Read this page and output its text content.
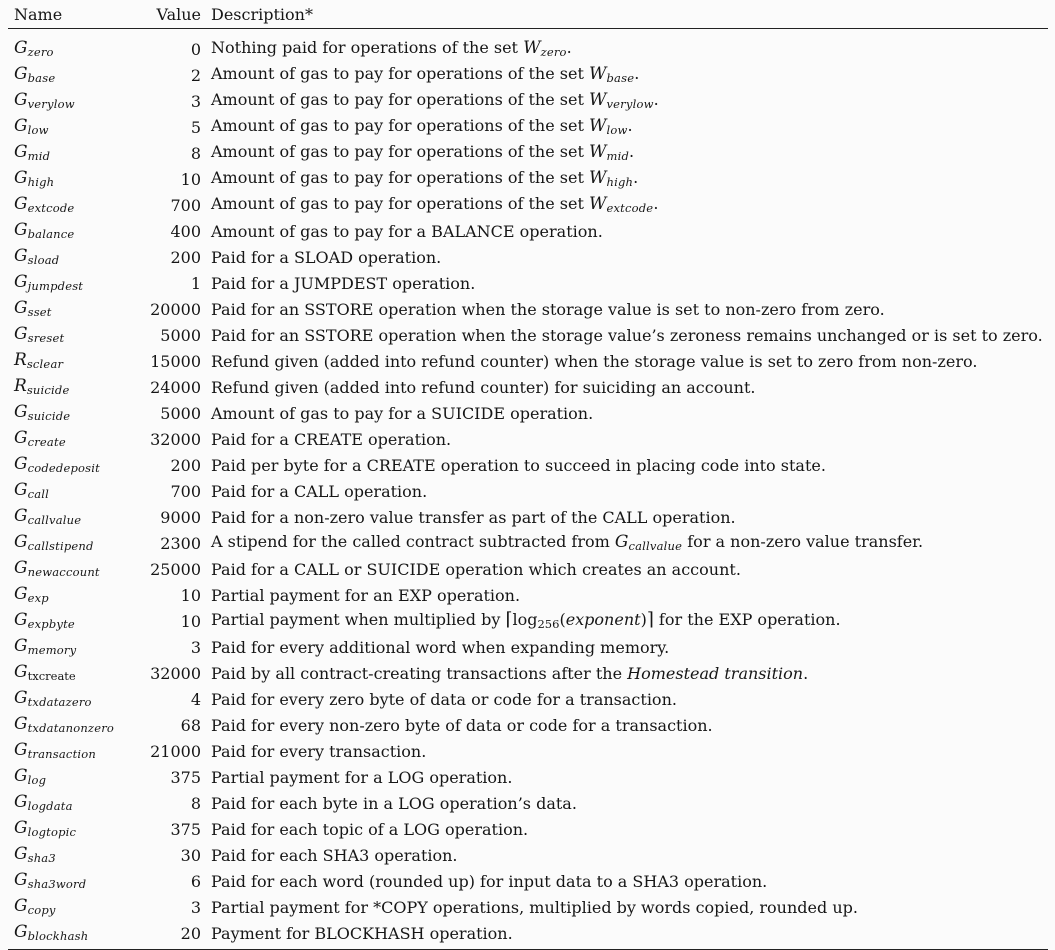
Name	Value	Description*
$G_{zero}$	0	Nothing paid for operations of the set $W_{zero}$.
$G_{base}$	2	Amount of gas to pay for operations of the set $W_{base}$.
$G_{verylow}$	3	Amount of gas to pay for operations of the set $W_{verylow}$.
$G_{low}$	5	Amount of gas to pay for operations of the set $W_{low}$.
$G_{mid}$	8	Amount of gas to pay for operations of the set $W_{mid}$.
$G_{high}$	10	Amount of gas to pay for operations of the set $W_{high}$.
$G_{extcode}$	700	Amount of gas to pay for operations of the set $W_{extcode}$.
$G_{balance}$	400	Amount of gas to pay for a BALANCE operation.
$G_{sload}$	200	Paid for a SLOAD operation.
$G_{jumpdest}$	1	Paid for a JUMPDEST operation.
$G_{sset}$	20000	Paid for an SSTORE operation when the storage value is set to non-zero from zero.
$G_{sreset}$	5000	Paid for an SSTORE operation when the storage value’s zeroness remains unchanged or is set to zero.
$R_{sclear}$	15000	Refund given (added into refund counter) when the storage value is set to zero from non-zero.
$R_{suicide}$	24000	Refund given (added into refund counter) for suiciding an account.
$G_{suicide}$	5000	Amount of gas to pay for a SUICIDE operation.
$G_{create}$	32000	Paid for a CREATE operation.
$G_{codedeposit}$	200	Paid per byte for a CREATE operation to succeed in placing code into state.
$G_{call}$	700	Paid for a CALL operation.
$G_{callvalue}$	9000	Paid for a non-zero value transfer as part of the CALL operation.
$G_{callstipend}$	2300	A stipend for the called contract subtracted from $G_{callvalue}$ for a non-zero value transfer.
$G_{newaccount}$	25000	Paid for a CALL or SUICIDE operation which creates an account.
$G_{exp}$	10	Partial payment for an EXP operation.
$G_{expbyte}$	10	Partial payment when multiplied by ⌈log256(exponent)⌉ for the EXP operation.
$G_{memory}$	3	Paid for every additional word when expanding memory.
Gtxcreate	32000	Paid by all contract-creating transactions after the Homestead transition.
$G_{txdatazero}$	4	Paid for every zero byte of data or code for a transaction.
$G_{txdatanonzero}$	68	Paid for every non-zero byte of data or code for a transaction.
$G_{transaction}$	21000	Paid for every transaction.
$G_{log}$	375	Partial payment for a LOG operation.
$G_{logdata}$	8	Paid for each byte in a LOG operation’s data.
$G_{logtopic}$	375	Paid for each topic of a LOG operation.
$G_{sha3}$	30	Paid for each SHA3 operation.
$G_{sha3word}$	6	Paid for each word (rounded up) for input data to a SHA3 operation.
$G_{copy}$	3	Partial payment for *COPY operations, multiplied by words copied, rounded up.
$G_{blockhash}$	20	Payment for BLOCKHASH operation.
